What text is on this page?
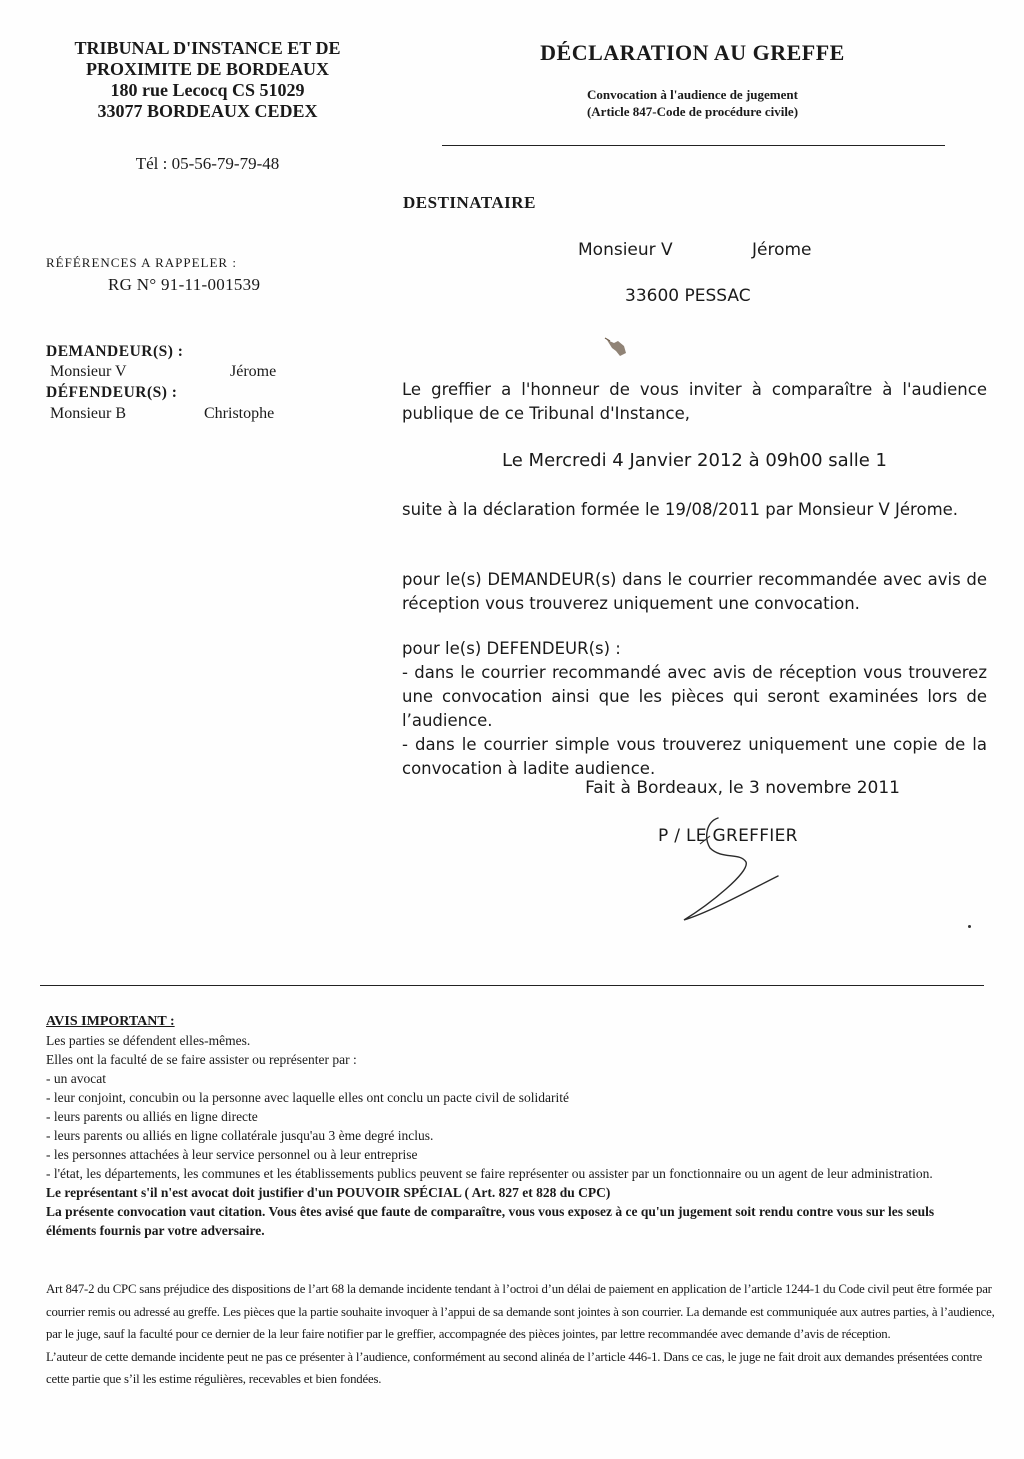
TRIBUNAL D'INSTANCE ET DE
PROXIMITE DE BORDEAUX
180 rue Lecocq CS 51029
33077 BORDEAUX CEDEX
Tél : 05-56-79-79-48
DÉCLARATION AU GREFFE
Convocation à l'audience de jugement
(Article 847-Code de procédure civile)
DESTINATAIRE
Monsieur V	Jérome
33600 PESSAC
RÉFÉRENCES A RAPPELER :
RG N° 91-11-001539
DEMANDEUR(S) :
Monsieur V	Jérome
DÉFENDEUR(S) :
Monsieur B	Christophe
Le greffier a l'honneur de vous inviter à comparaître à l'audience publique de ce Tribunal d'Instance,
Le Mercredi 4 Janvier 2012 à 09h00 salle 1
suite à la déclaration formée le 19/08/2011 par Monsieur V Jérome.
pour le(s) DEMANDEUR(s) dans le courrier recommandée avec avis de réception vous trouverez uniquement une convocation.
pour le(s) DEFENDEUR(s) :
- dans le courrier recommandé avec avis de réception vous trouverez une convocation ainsi que les pièces qui seront examinées lors de l’audience.
- dans le courrier simple vous trouverez uniquement une copie de la convocation à ladite audience.
Fait à Bordeaux, le 3 novembre 2011
P / LE GREFFIER
AVIS IMPORTANT :
Les parties se défendent elles-mêmes.
Elles ont la faculté de se faire assister ou représenter par :
- un avocat
- leur conjoint, concubin ou la personne avec laquelle elles ont conclu un pacte civil de solidarité
- leurs parents ou alliés en ligne directe
- leurs parents ou alliés en ligne collatérale jusqu'au 3 ème degré inclus.
- les personnes attachées à leur service personnel ou à leur entreprise
- l'état, les départements, les communes et les établissements publics peuvent se faire représenter ou assister par un fonctionnaire ou un agent de leur administration.
Le représentant s'il n'est avocat doit justifier d'un POUVOIR SPÉCIAL ( Art. 827 et 828 du CPC)
La présente convocation vaut citation. Vous êtes avisé que faute de comparaître, vous vous exposez à ce qu'un jugement soit rendu contre vous sur les seuls éléments fournis par votre adversaire.
Art 847-2 du CPC sans préjudice des dispositions de l’art 68 la demande incidente tendant à l’octroi d’un délai de paiement en application de l’article 1244-1 du Code civil peut être formée par courrier remis ou adressé au greffe. Les pièces que la partie souhaite invoquer à l’appui de sa demande sont jointes à son courrier. La demande est communiquée aux autres parties, à l’audience, par le juge, sauf la faculté pour ce dernier de la leur faire notifier par le greffier, accompagnée des pièces jointes, par lettre recommandée avec demande d’avis de réception.
L’auteur de cette demande incidente peut ne pas ce présenter à l’audience, conformément au second alinéa de l’article 446-1. Dans ce cas, le juge ne fait droit aux demandes présentées contre cette partie que s’il les estime régulières, recevables et bien fondées.
